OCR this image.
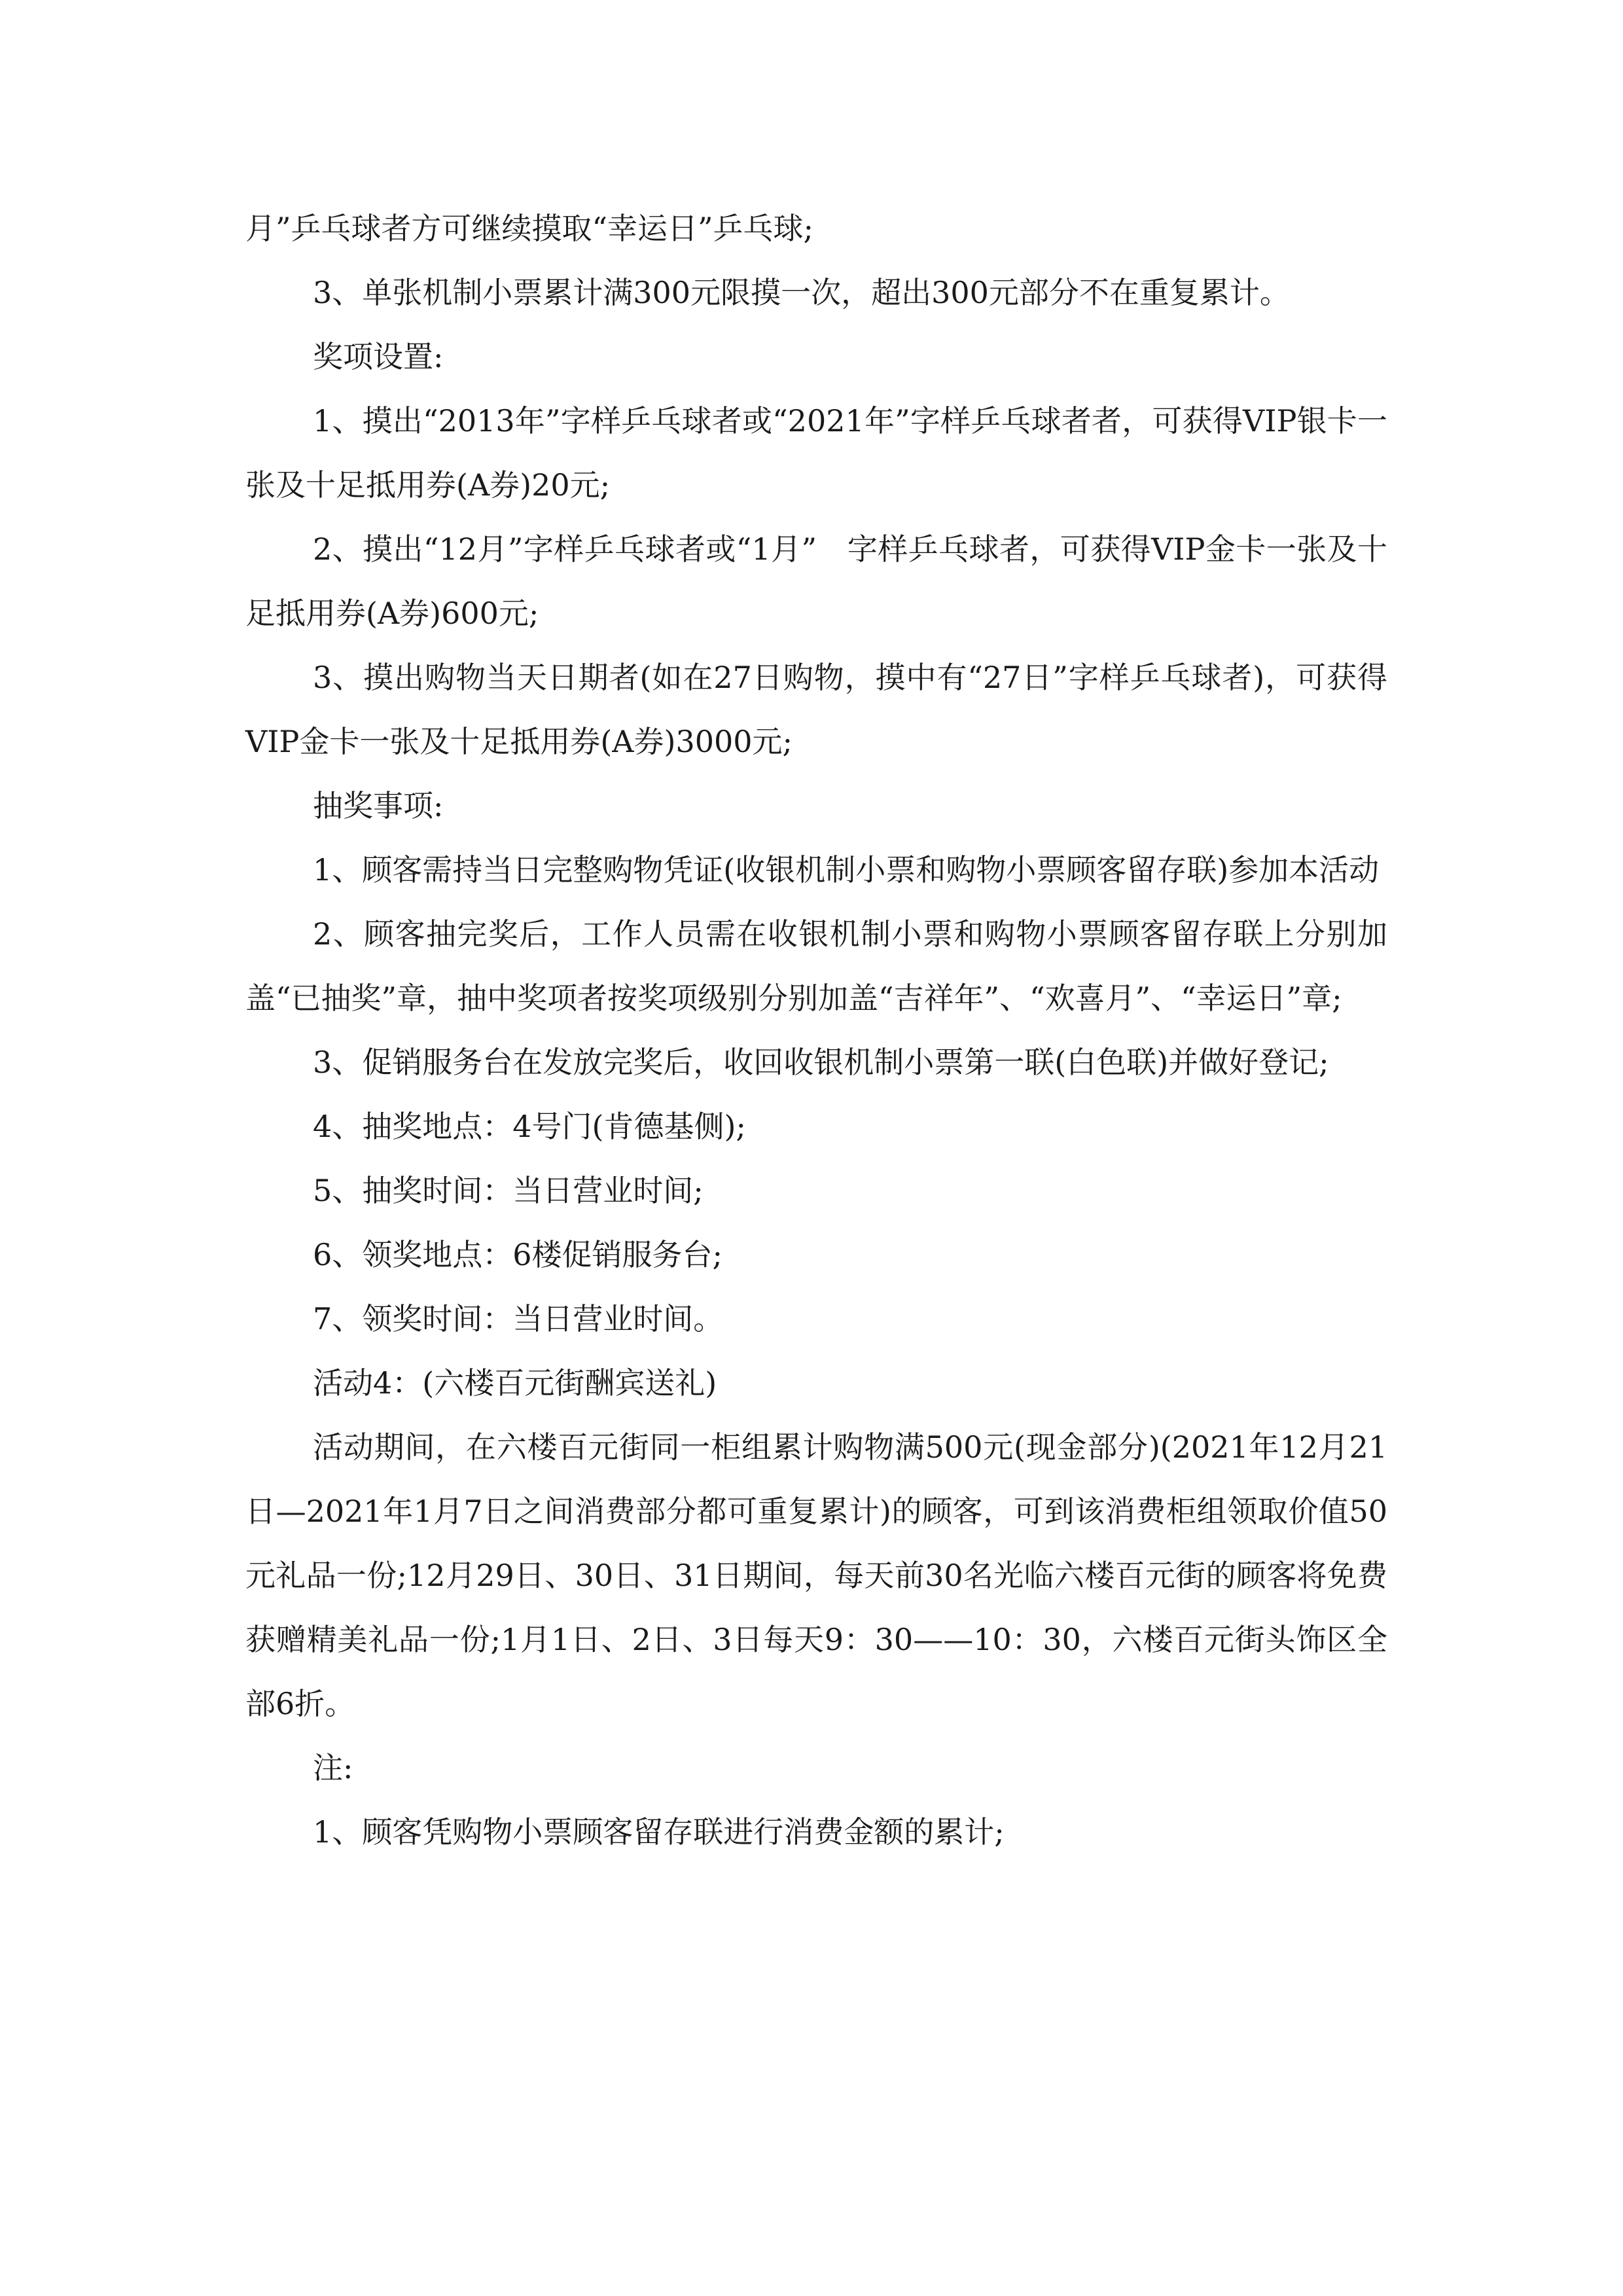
月”乒乓球者方可继续摸取“幸运日”乒乓球;

3、单张机制小票累计满300元限摸一次，超出300元部分不在重复累计。

奖项设置:

1、摸出“2013年”字样乒乓球者或“2021年”字样乒乓球者者，可获得VIP银卡一张及十足抵用券(A券)20元;

2、摸出“12月”字样乒乓球者或“1月”　字样乒乓球者，可获得VIP金卡一张及十足抵用券(A券)600元;

3、摸出购物当天日期者(如在27日购物，摸中有“27日”字样乒乓球者)，可获得VIP金卡一张及十足抵用券(A券)3000元;

抽奖事项:

1、顾客需持当日完整购物凭证(收银机制小票和购物小票顾客留存联)参加本活动

2、顾客抽完奖后，工作人员需在收银机制小票和购物小票顾客留存联上分别加盖“已抽奖”章，抽中奖项者按奖项级别分别加盖“吉祥年”、“欢喜月”、“幸运日”章;

3、促销服务台在发放完奖后，收回收银机制小票第一联(白色联)并做好登记;

4、抽奖地点：4号门(肯德基侧);

5、抽奖时间：当日营业时间;

6、领奖地点：6楼促销服务台;

7、领奖时间：当日营业时间。

活动4：(六楼百元街酬宾送礼)

活动期间，在六楼百元街同一柜组累计购物满500元(现金部分)(2021年12月21日—2021年1月7日之间消费部分都可重复累计)的顾客，可到该消费柜组领取价值50元礼品一份;12月29日、30日、31日期间，每天前30名光临六楼百元街的顾客将免费获赠精美礼品一份;1月1日、2日、3日每天9：30——10：30，六楼百元街头饰区全部6折。

注:

1、顾客凭购物小票顾客留存联进行消费金额的累计;
